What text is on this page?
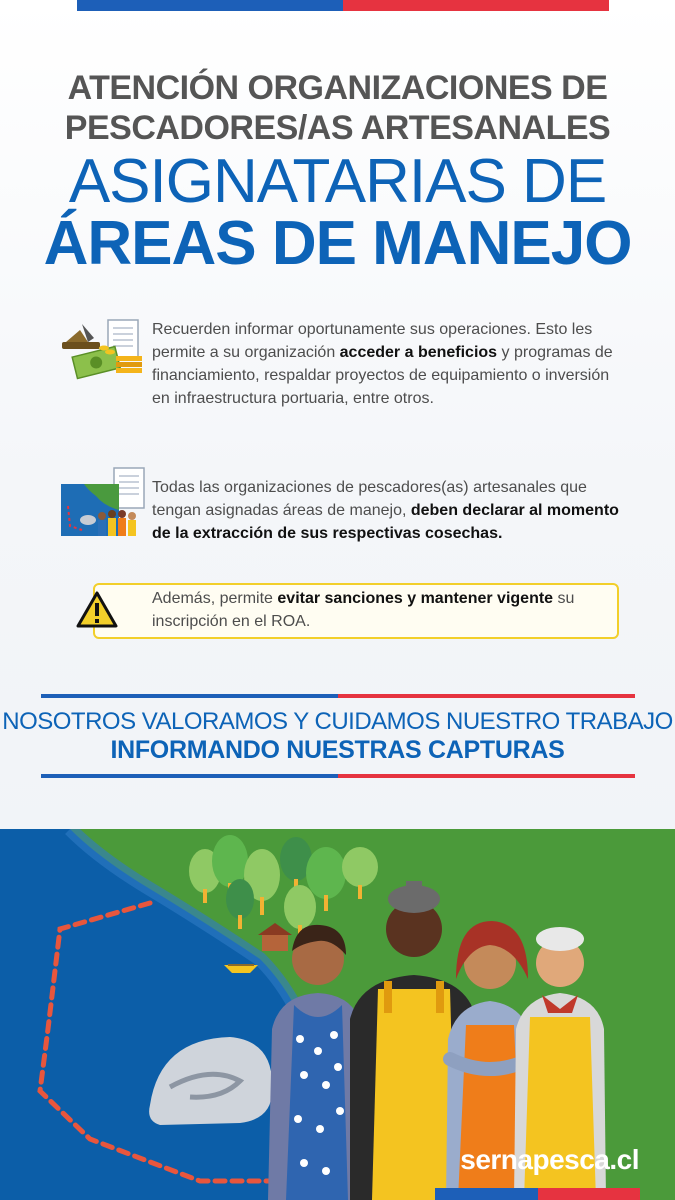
ATENCIÓN ORGANIZACIONES DE
PESCADORES/AS ARTESANALES
ASIGNATARIAS DE
ÁREAS DE MANEJO
Recuerden informar oportunamente sus operaciones. Esto les permite a su organización acceder a beneficios y programas de financiamiento, respaldar proyectos de equipamiento o inversión en infraestructura portuaria, entre otros.
Todas las organizaciones de pescadores(as) artesanales que tengan asignadas áreas de manejo, deben declarar al momento de la extracción de sus respectivas cosechas.
Además, permite evitar sanciones y mantener vigente su inscripción en el ROA.
NOSOTROS VALORAMOS Y CUIDAMOS NUESTRO TRABAJO
INFORMANDO NUESTRAS CAPTURAS
sernapesca.cl
